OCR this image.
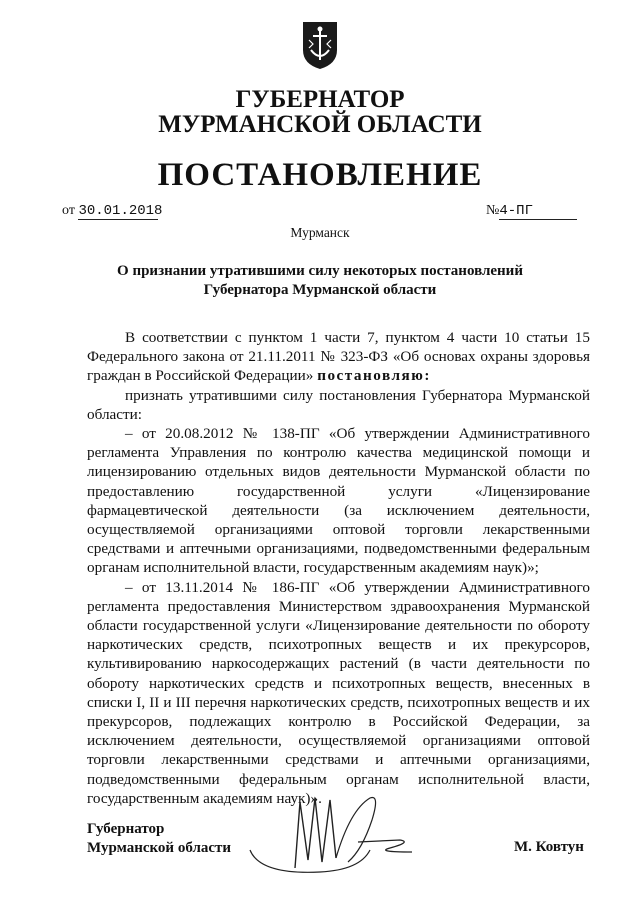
ГУБЕРНАТОР
МУРМАНСКОЙ ОБЛАСТИ
ПОСТАНОВЛЕНИЕ
от 30.01.2018	№4-ПГ
Мурманск
О признании утратившими силу некоторых постановлений
Губернатора Мурманской области

В соответствии с пунктом 1 части 7, пунктом 4 части 10 статьи 15 Федерального закона от 21.11.2011 № 323-ФЗ «Об основах охраны здоровья граждан в Российской Федерации» постановляю:

признать утратившими силу постановления Губернатора Мурманской области:

– от 20.08.2012 № 138-ПГ «Об утверждении Административного регламента Управления по контролю качества медицинской помощи и лицензированию отдельных видов деятельности Мурманской области по предоставлению государственной услуги «Лицензирование фармацевтической деятельности (за исключением деятельности, осуществляемой организациями оптовой торговли лекарственными средствами и аптечными организациями, подведомственными федеральным органам исполнительной власти, государственным академиям наук)»;

– от 13.11.2014 № 186-ПГ «Об утверждении Административного регламента предоставления Министерством здравоохранения Мурманской области государственной услуги «Лицензирование деятельности по обороту наркотических средств, психотропных веществ и их прекурсоров, культивированию наркосодержащих растений (в части деятельности по обороту наркотических средств и психотропных веществ, внесенных в списки I, II и III перечня наркотических средств, психотропных веществ и их прекурсоров, подлежащих контролю в Российской Федерации, за исключением деятельности, осуществляемой организациями оптовой торговли лекарственными средствами и аптечными организациями, подведомственными федеральным органам исполнительной власти, государственным академиям наук)».

Губернатор
Мурманской области	М. Ковтун
